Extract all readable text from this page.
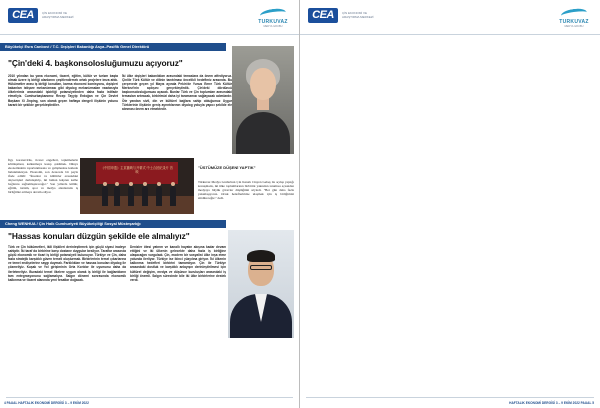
CEA	ÇİN EKONOMİ VE ARAŞTIRMA MERKEZİ
TURKUVAZ
MEDYA GRUBU
Büyükelçi Esra Canbovi / T.C. Dışişleri Bakanlığı Asya–Pasifik Genel Direktörü
"Çin'deki 4. başkonsolosluğumuzu açıyoruz"
2010 yılından bu yana ekonomi, ticaret, eğitim, kültür ve turizm başta olmak üzere iş birliği alanlarını çeşitlendirmek ortak projelere imza attık. Hükümetler arası iş birliği konulları, karma ekonomi komisyonu, dışişleri bakanları istişare mekanizması gibi diyalog mekanizmaları vasıtasıyla ülkelerimiz arasındaki işbirliği potansiyelinden daha fazla istifade etmeliyiz. Cumhurbaşkanımız Recep Tayyip Erdoğan ve Çin Devlet Başkanı Xi Jinping, son olarak geçen haftaya dengeli ilişkinin yolunu kararlı bir şekilde gerçekleştirdiler.
İki ülke dışişleri bakanlıkları arasındaki temaslara da önem atfediyoruz. Çinlile Türk Kültür ve dilinin tanıtılması öncelikli hedefimiz arasında. Bu çerçevede geçen yıl Mayıs ayında Pekin'de Yunus Emre Türk Kültür Merkezi'nin açılışını gerçekleştirdik. Çin'deki dördüncü başkonsolosluğumuzu açacak. Bunlar Türk ve Çin toplumları arasındaki temasları artıracak, birbirimizi daha iyi tanımamızı sağlayacak adımlardır. Öte yandan sivil, din ve kültürel bağlara sahip olduğumuz Uygur Türklerinin ilişkinin geniş ayrıntılarının diyalog yoluyla yapıcı şekilde ele alınması önem arz etmektedir.
İlgi, koranavirüs, ticaret engelleri, tepkimelerin kötüleşmesi, kalkınmaya kazıp çekilmek. Dünya ekonomisinin toparlanmasına ve gelişmesine katkıda bulunmaktayız. Ekonomi, son derecede bir payla ifade edildi: "İnsanlar ve kültürler arasındaki alışverişleri derinleştirip, iki halkın kalpten kalbe bağlarını sağlamlaştıracağız." Son yıllarda kültür, eğitim, turizm, spor ve medya alanlarında iş birliğimiz artmaya devam ediyor.
《中国申遗》主页播映与开幕式 中土合拍纪录片 首映
"ÜSTÜMÜZE DÜŞENİ YAPTIK"
Türkuvaz Medya Grubu'nun Çin Kanalı Cinyen Gebeş ile açılışı yaptığı konuşmada, iki ülke toplumlarının birbirini yakından tanıması açısından medyaya büyük görevler düştüğünü söyledi. "Her gün daha fazla yakınlaşıyoruz. Ortak hedeflerimize ulaşmak için iş birliğimizi sürdüreceğiz." dedi.
Cheng WENHUA / Çin Halk Cumhuriyeti Büyükelçiliği Sosyal Müsteşarlığı
"Hassas konuları düzgün şekilde ele almalıyız"
Türk ve Çin hükümetleri, ikili ilişkileri derinleştirmek için güçlü siyasi iradeye sahiptir. İki taraf da birbirine karşı dostane duygular besliyor. Taraflar arasında güçlü ekonomik ve ticari iş birliği potansiyeli bulunuyor. Türkiye ve Çin, daha fazla stratejik karşılıklı güven temeli oluşturmalı. Birbirlerinin temel çıkarlarına ve temel endişelerine saygı duymalı. Farklılıkları ve hassas konuları diyalog ile çözmeliyiz. Kuşak ve Yol girişiminin Orta Koridor ile uyumunu daha da ilerletmeliyiz. Buradaki temel ilkelere uygun olarak iş birliği ile bağlantıların tam entegrasyonunu sağlamalıyız. Salgın dönemi sonrasında ekonomik kalkınma ve ticaret alanında yeni fırsatlar doğacak.
Denizler ötesi yatırım ve kanallı hayatın akışına kadar devam ettiğini ve iki ülkenin gelecekte daha fazla iş birliğine ulaşacağını vurguladı. Çin, modern bir sosyalist ülke inşa etme yolunda ilerliyor. Türkiye ise ikinci yüzyılına giriyor. İki ülkenin kalkınma hedefleri birbirini tamamlıyor. Çin ile Türkiye arasındaki dostluk ve karşılıklı anlayışın derinleştirilmesi için kültürel değişim, medya ve düşünce kuruluşları arasındaki iş birliği önemli. Salgın sürecinde bile iki ülke birbirlerine destek verdi.
4 PAUAL HAFTALIK EKONOMİ DERGİSİ 3 – 9 EKİM 2022
CEA	ÇİN EKONOMİ VE ARAŞTIRMA MERKEZİ
TURKUVAZ
MEDYA GRUBU
HAFTALIK EKONOMİ DERGİSİ 3 – 9 EKİM 2022 PAUAL 5
